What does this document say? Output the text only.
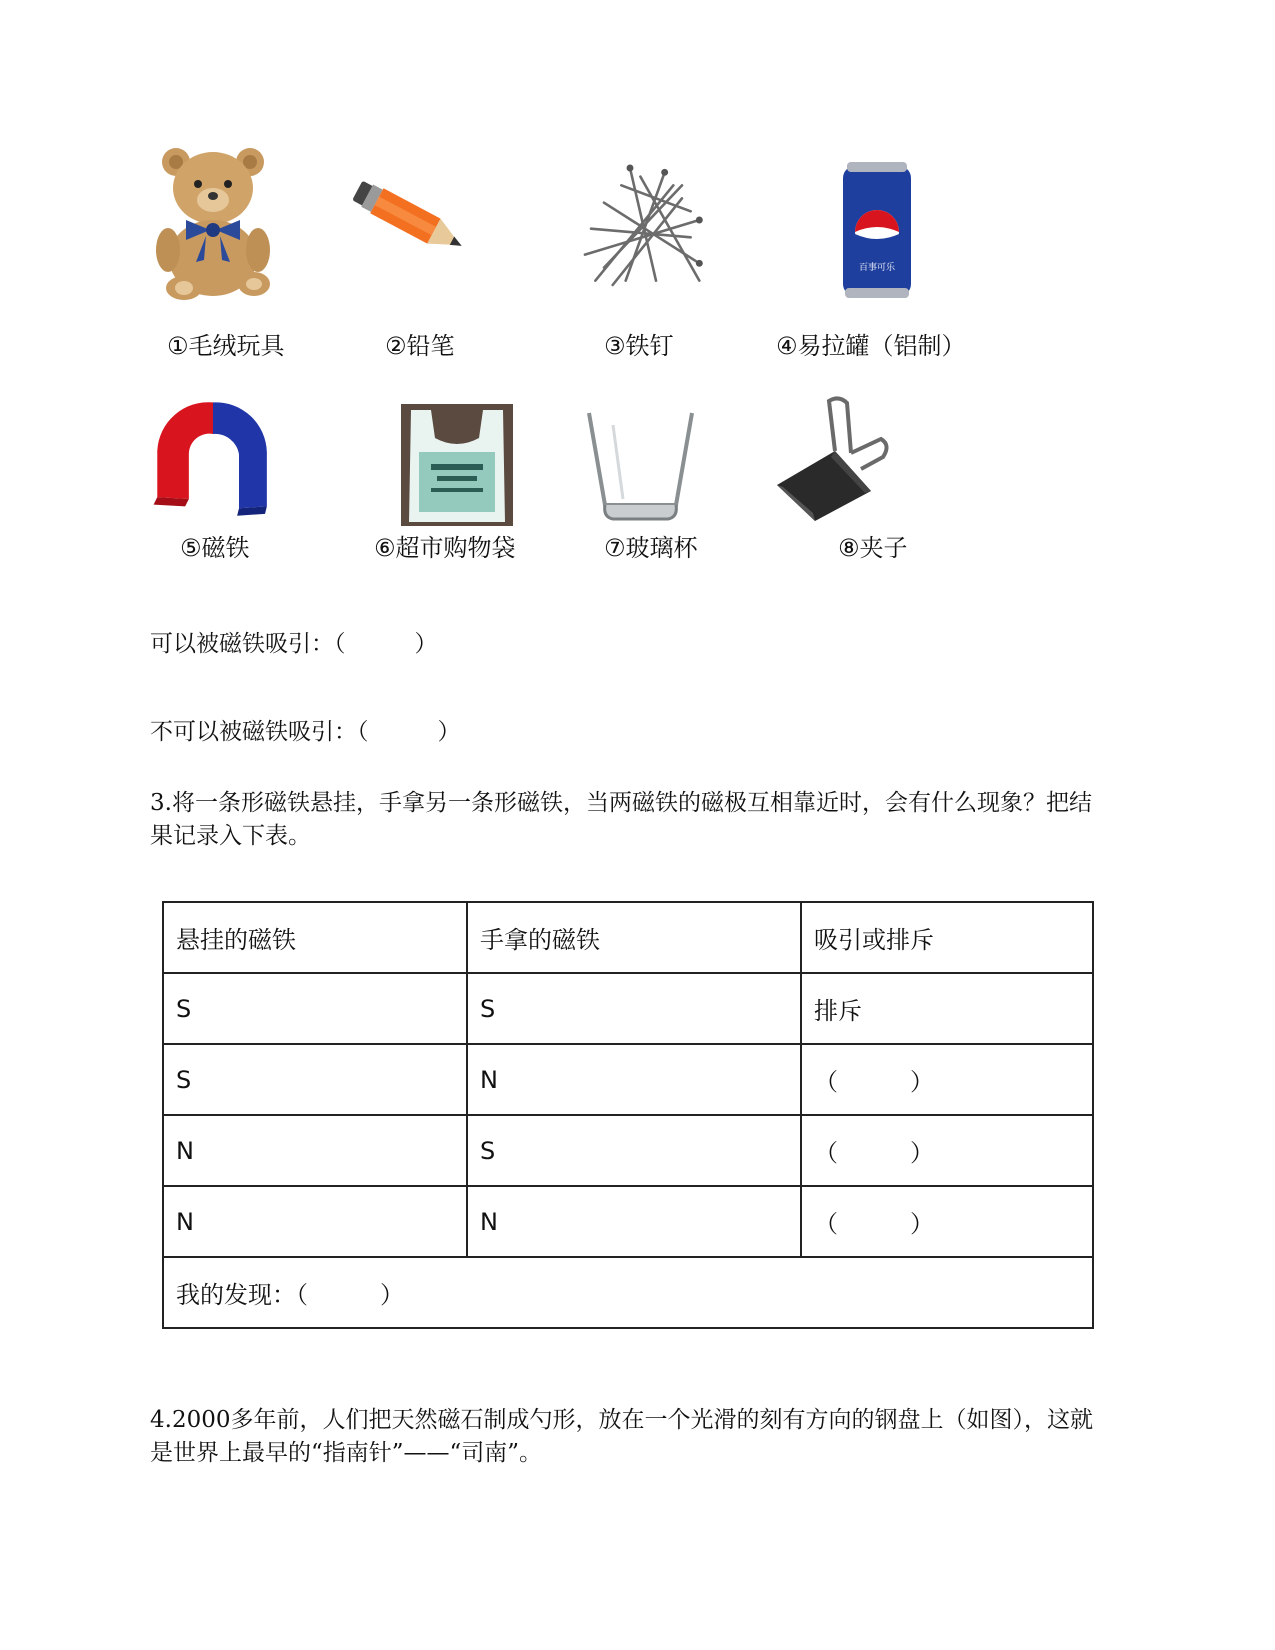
百事可乐
①毛绒玩具	②铅笔	③铁钉	④易拉罐（铝制）
⑤磁铁	⑥超市购物袋	⑦玻璃杯	⑧夹子
可以被磁铁吸引：（　　　）
不可以被磁铁吸引：（　　　）
3.将一条形磁铁悬挂，手拿另一条形磁铁，当两磁铁的磁极互相靠近时，会有什么现象？把结果记录入下表。
悬挂的磁铁	手拿的磁铁	吸引或排斥
S	S	排斥
S	N	（　　　）
N	S	（　　　）
N	N	（　　　）
我的发现：（　　　）		
4.2000多年前，人们把天然磁石制成勺形，放在一个光滑的刻有方向的钢盘上（如图），这就是世界上最早的“指南针”——“司南”。
